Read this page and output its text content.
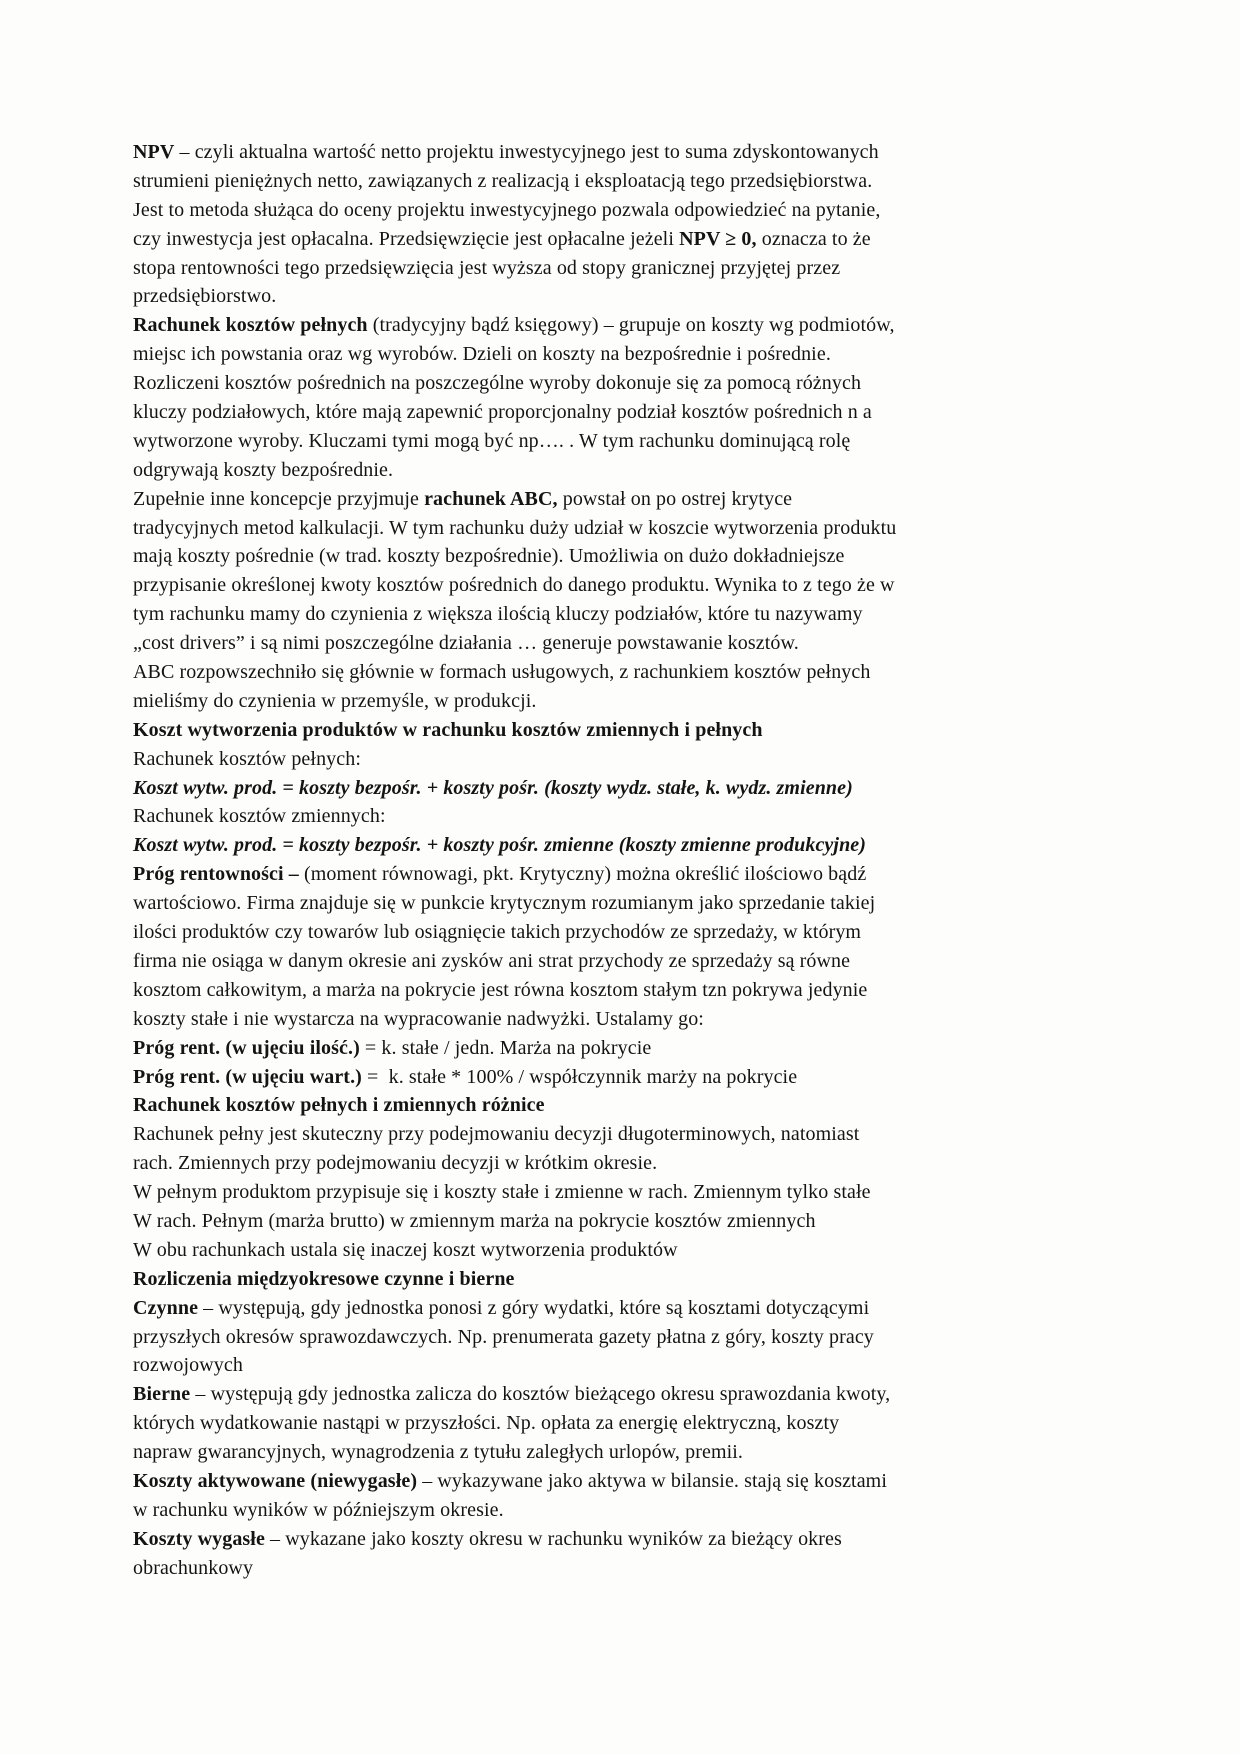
NPV – czyli aktualna wartość netto projektu inwestycyjnego jest to suma zdyskontowanych
strumieni pieniężnych netto, zawiązanych z realizacją i eksploatacją tego przedsiębiorstwa.
Jest to metoda służąca do oceny projektu inwestycyjnego pozwala odpowiedzieć na pytanie,
czy inwestycja jest opłacalna. Przedsięwzięcie jest opłacalne jeżeli NPV ≥ 0, oznacza to że
stopa rentowności tego przedsięwzięcia jest wyższa od stopy granicznej przyjętej przez
przedsiębiorstwo.
Rachunek kosztów pełnych (tradycyjny bądź księgowy) – grupuje on koszty wg podmiotów,
miejsc ich powstania oraz wg wyrobów. Dzieli on koszty na bezpośrednie i pośrednie.
Rozliczeni kosztów pośrednich na poszczególne wyroby dokonuje się za pomocą różnych
kluczy podziałowych, które mają zapewnić proporcjonalny podział kosztów pośrednich n a
wytworzone wyroby. Kluczami tymi mogą być np…. . W tym rachunku dominującą rolę
odgrywają koszty bezpośrednie.
Zupełnie inne koncepcje przyjmuje rachunek ABC, powstał on po ostrej krytyce
tradycyjnych metod kalkulacji. W tym rachunku duży udział w koszcie wytworzenia produktu
mają koszty pośrednie (w trad. koszty bezpośrednie). Umożliwia on dużo dokładniejsze
przypisanie określonej kwoty kosztów pośrednich do danego produktu. Wynika to z tego że w
tym rachunku mamy do czynienia z większa ilością kluczy podziałów, które tu nazywamy
„cost drivers” i są nimi poszczególne działania … generuje powstawanie kosztów.
ABC rozpowszechniło się głównie w formach usługowych, z rachunkiem kosztów pełnych
mieliśmy do czynienia w przemyśle, w produkcji.
Koszt wytworzenia produktów w rachunku kosztów zmiennych i pełnych
Rachunek kosztów pełnych:
Koszt wytw. prod. = koszty bezpośr. + koszty pośr. (koszty wydz. stałe, k. wydz. zmienne)
Rachunek kosztów zmiennych:
Koszt wytw. prod. = koszty bezpośr. + koszty pośr. zmienne (koszty zmienne produkcyjne)
Próg rentowności – (moment równowagi, pkt. Krytyczny) można określić ilościowo bądź
wartościowo. Firma znajduje się w punkcie krytycznym rozumianym jako sprzedanie takiej
ilości produktów czy towarów lub osiągnięcie takich przychodów ze sprzedaży, w którym
firma nie osiąga w danym okresie ani zysków ani strat przychody ze sprzedaży są równe
kosztom całkowitym, a marża na pokrycie jest równa kosztom stałym tzn pokrywa jedynie
koszty stałe i nie wystarcza na wypracowanie nadwyżki. Ustalamy go:
Próg rent. (w ujęciu ilość.) = k. stałe / jedn. Marża na pokrycie
Próg rent. (w ujęciu wart.) =  k. stałe * 100% / współczynnik marży na pokrycie
Rachunek kosztów pełnych i zmiennych różnice
Rachunek pełny jest skuteczny przy podejmowaniu decyzji długoterminowych, natomiast
rach. Zmiennych przy podejmowaniu decyzji w krótkim okresie.
W pełnym produktom przypisuje się i koszty stałe i zmienne w rach. Zmiennym tylko stałe
W rach. Pełnym (marża brutto) w zmiennym marża na pokrycie kosztów zmiennych
W obu rachunkach ustala się inaczej koszt wytworzenia produktów
Rozliczenia międzyokresowe czynne i bierne
Czynne – występują, gdy jednostka ponosi z góry wydatki, które są kosztami dotyczącymi
przyszłych okresów sprawozdawczych. Np. prenumerata gazety płatna z góry, koszty pracy
rozwojowych
Bierne – występują gdy jednostka zalicza do kosztów bieżącego okresu sprawozdania kwoty,
których wydatkowanie nastąpi w przyszłości. Np. opłata za energię elektryczną, koszty
napraw gwarancyjnych, wynagrodzenia z tytułu zaległych urlopów, premii.
Koszty aktywowane (niewygasłe) – wykazywane jako aktywa w bilansie. stają się kosztami
w rachunku wyników w późniejszym okresie.
Koszty wygasłe – wykazane jako koszty okresu w rachunku wyników za bieżący okres
obrachunkowy
